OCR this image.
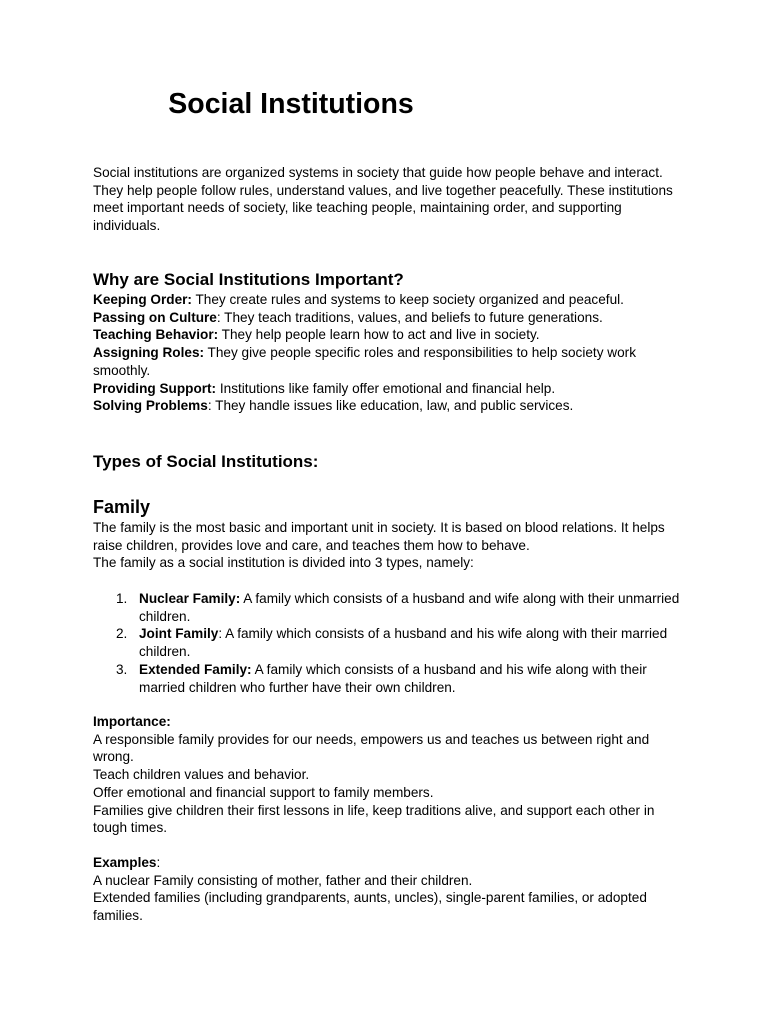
Social Institutions

Social institutions are organized systems in society that guide how people behave and interact. They help people follow rules, understand values, and live together peacefully. These institutions meet important needs of society, like teaching people, maintaining order, and supporting individuals.

Why are Social Institutions Important?

Keeping Order: They create rules and systems to keep society organized and peaceful.

Passing on Culture: They teach traditions, values, and beliefs to future generations.

Teaching Behavior: They help people learn how to act and live in society.

Assigning Roles: They give people specific roles and responsibilities to help society work smoothly.

Providing Support: Institutions like family offer emotional and financial help.

Solving Problems: They handle issues like education, law, and public services.

Types of Social Institutions:
Family

The family is the most basic and important unit in society. It is based on blood relations. It helps raise children, provides love and care, and teaches them how to behave.

The family as a social institution is divided into 3 types, namely:

1. Nuclear Family: A family which consists of a husband and wife along with their unmarried children.
2. Joint Family: A family which consists of a husband and his wife along with their married children.
3. Extended Family: A family which consists of a husband and his wife along with their married children who further have their own children.

Importance:

A responsible family provides for our needs, empowers us and teaches us between right and wrong.

Teach children values and behavior.

Offer emotional and financial support to family members.

Families give children their first lessons in life, keep traditions alive, and support each other in tough times.

Examples:

A nuclear Family consisting of mother, father and their children.

Extended families (including grandparents, aunts, uncles), single-parent families, or adopted families.
